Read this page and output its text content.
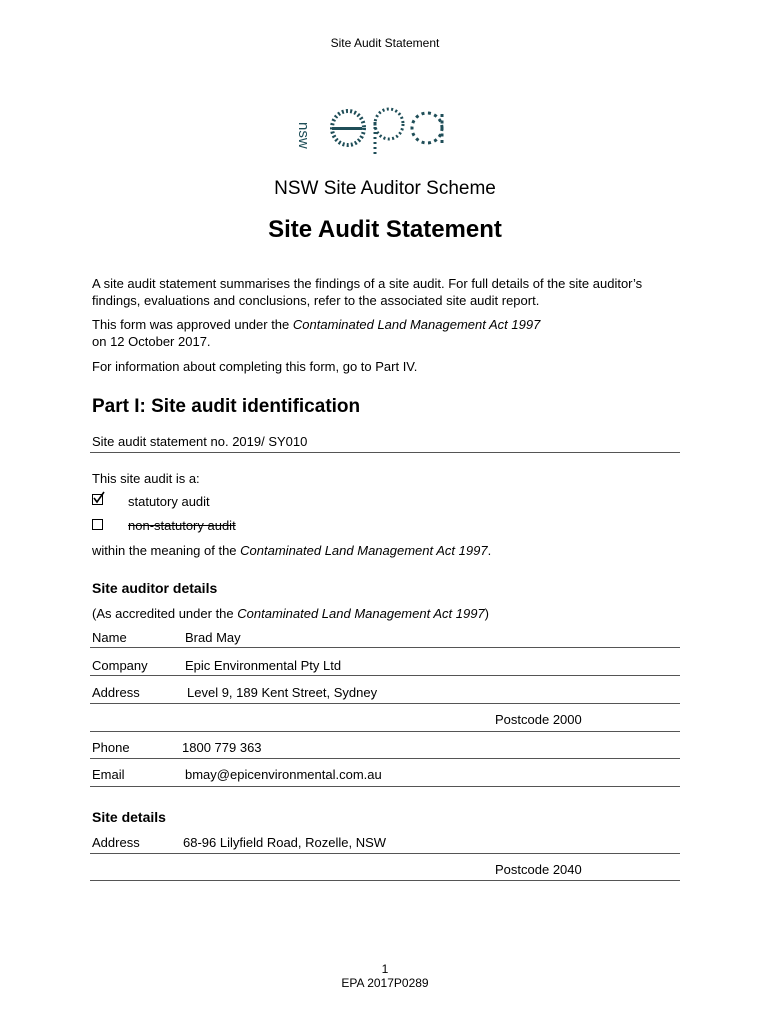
Site Audit Statement
nsw
NSW Site Auditor Scheme
Site Audit Statement
A site audit statement summarises the findings of a site audit. For full details of the site auditor’s findings, evaluations and conclusions, refer to the associated site audit report.
This form was approved under the Contaminated Land Management Act 1997
on 12 October 2017.
For information about completing this form, go to Part IV.
Part I: Site audit identification
Site audit statement no. 2019/ SY010
This site audit is a:
statutory audit
non-statutory audit
within the meaning of the Contaminated Land Management Act 1997.
Site auditor details
(As accredited under the Contaminated Land Management Act 1997)
Name	Brad May
Company	Epic Environmental Pty Ltd
Address	Level 9, 189 Kent Street, Sydney
Postcode 2000
Phone	1800 779 363
Email	bmay@epicenvironmental.com.au
Site details
Address	68-96 Lilyfield Road, Rozelle, NSW
Postcode 2040
1
EPA 2017P0289
